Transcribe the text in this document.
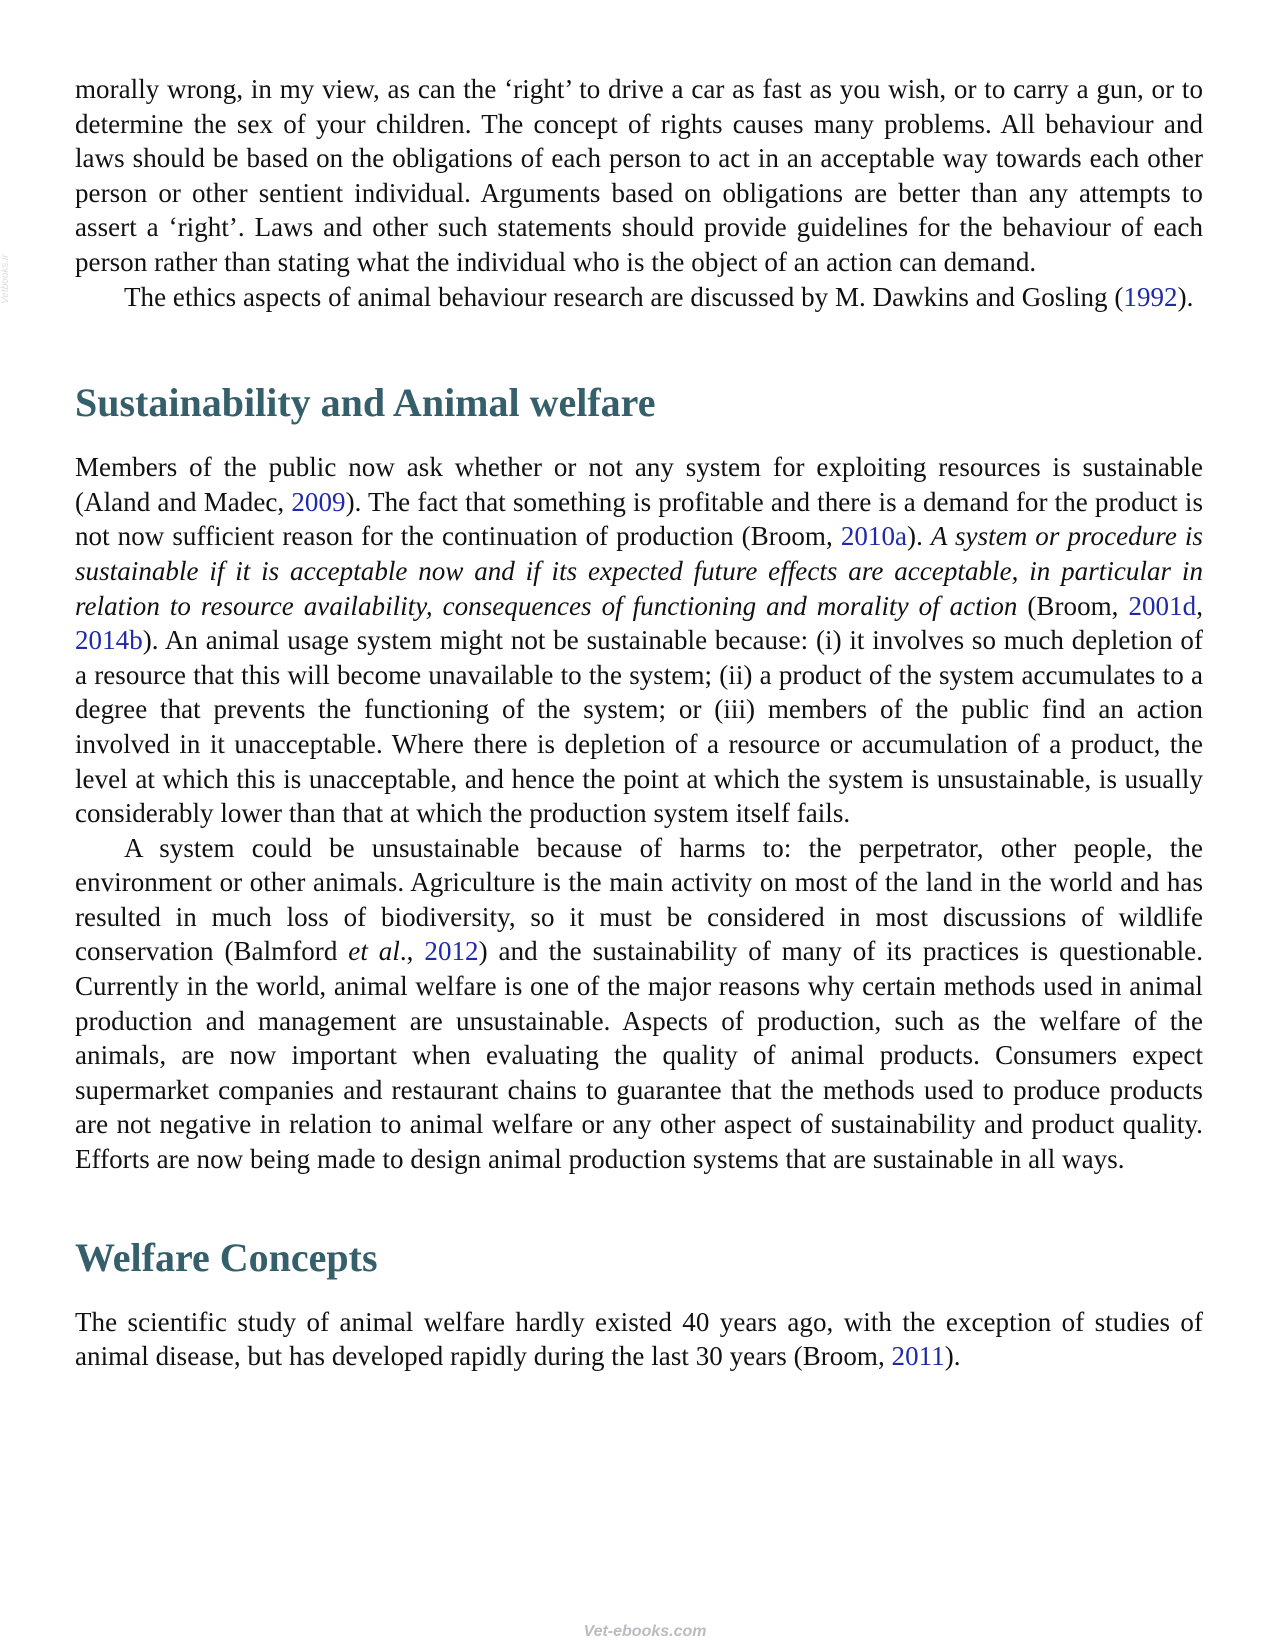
Vetbooks.ir

morally wrong, in my view, as can the ‘right’ to drive a car as fast as you wish, or to carry a gun, or to determine the sex of your children. The concept of rights causes many problems. All behaviour and laws should be based on the obligations of each person to act in an acceptable way towards each other person or other sentient individual. Arguments based on obligations are better than any attempts to assert a ‘right’. Laws and other such statements should provide guidelines for the behaviour of each person rather than stating what the individual who is the object of an action can demand.

The ethics aspects of animal behaviour research are discussed by M. Dawkins and Gosling (1992).

Sustainability and Animal welfare

Members of the public now ask whether or not any system for exploiting resources is sustainable (Aland and Madec, 2009). The fact that something is profitable and there is a demand for the product is not now sufficient reason for the continuation of production (Broom, 2010a). A system or procedure is sustainable if it is acceptable now and if its expected future effects are acceptable, in particular in relation to resource availability, consequences of functioning and morality of action (Broom, 2001d, 2014b). An animal usage system might not be sustainable because: (i) it involves so much depletion of a resource that this will become unavailable to the system; (ii) a product of the system accumulates to a degree that prevents the functioning of the system; or (iii) members of the public find an action involved in it unacceptable. Where there is depletion of a resource or accumulation of a product, the level at which this is unacceptable, and hence the point at which the system is unsustainable, is usually considerably lower than that at which the production system itself fails.

A system could be unsustainable because of harms to: the perpetrator, other people, the environment or other animals. Agriculture is the main activity on most of the land in the world and has resulted in much loss of biodiversity, so it must be considered in most discussions of wildlife conservation (Balmford et al., 2012) and the sustainability of many of its practices is questionable. Currently in the world, animal welfare is one of the major reasons why certain methods used in animal production and management are unsustainable. Aspects of production, such as the welfare of the animals, are now important when evaluating the quality of animal products. Consumers expect supermarket companies and restaurant chains to guarantee that the methods used to produce products are not negative in relation to animal welfare or any other aspect of sustainability and product quality. Efforts are now being made to design animal production systems that are sustainable in all ways.

Welfare Concepts

The scientific study of animal welfare hardly existed 40 years ago, with the exception of studies of animal disease, but has developed rapidly during the last 30 years (Broom, 2011).

Vet-ebooks.com
